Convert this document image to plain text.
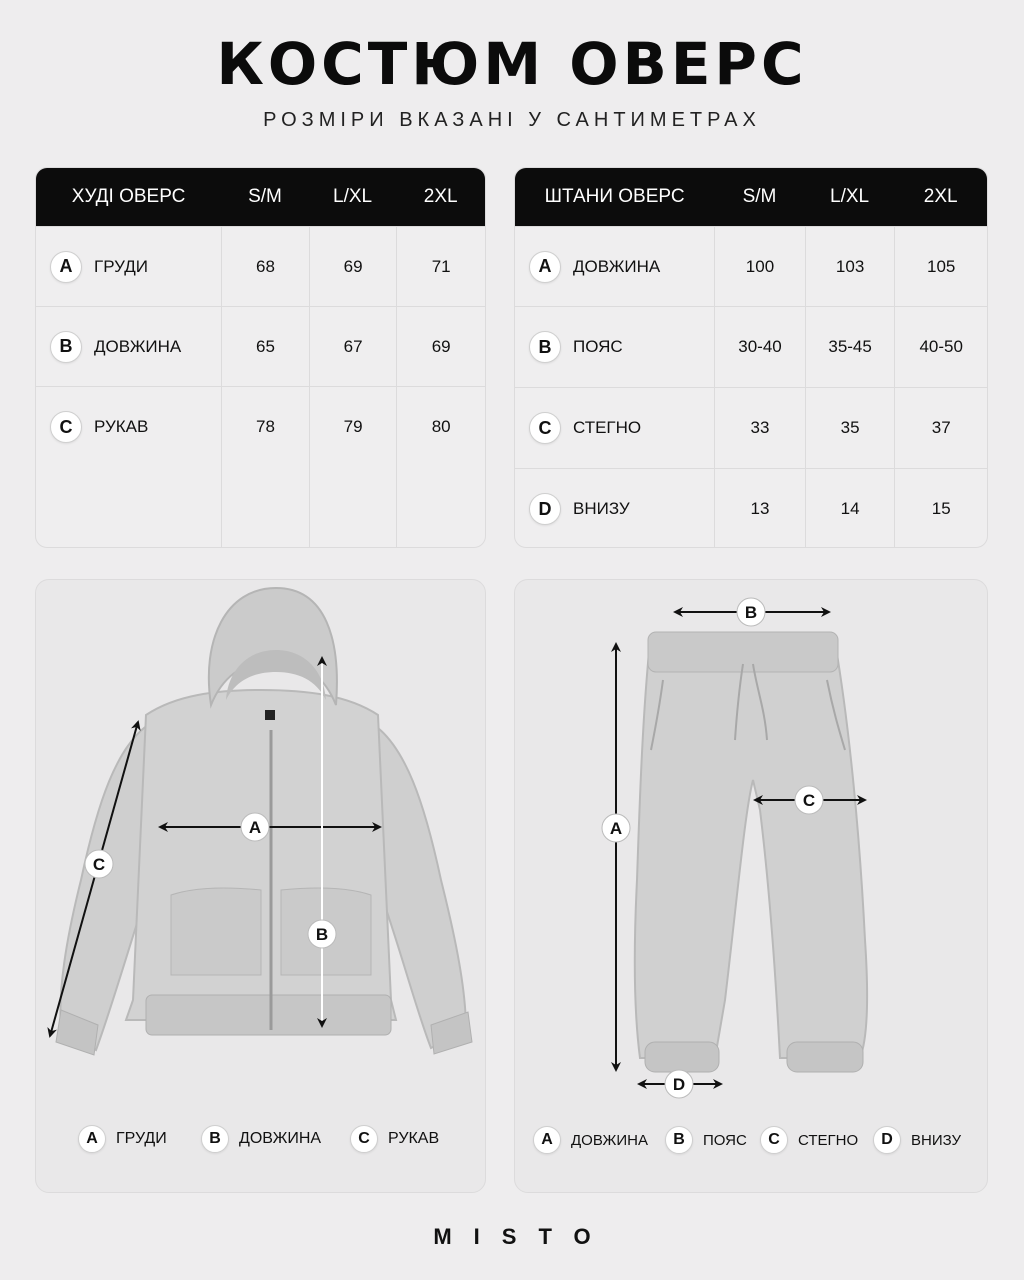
КОСТЮМ ОВЕРС
РОЗМІРИ ВКАЗАНІ У САНТИМЕТРАХ
ХУДІ ОВЕРС	S/M	L/XL	2XL
A	ГРУДИ	68	69	71
B	ДОВЖИНА	65	67	69
C	РУКАВ	78	79	80
ШТАНИ ОВЕРС	S/M	L/XL	2XL
A	ДОВЖИНА	100	103	105
B	ПОЯС	30-40	35-45	40-50
C	СТЕГНО	33	35	37
D	ВНИЗУ	13	14	15
A
B
C
A	ГРУДИ	B	ДОВЖИНА	C	РУКАВ
B
A
C
D
A	ДОВЖИНА	B	ПОЯС	C	СТЕГНО	D	ВНИЗУ
MISTO
